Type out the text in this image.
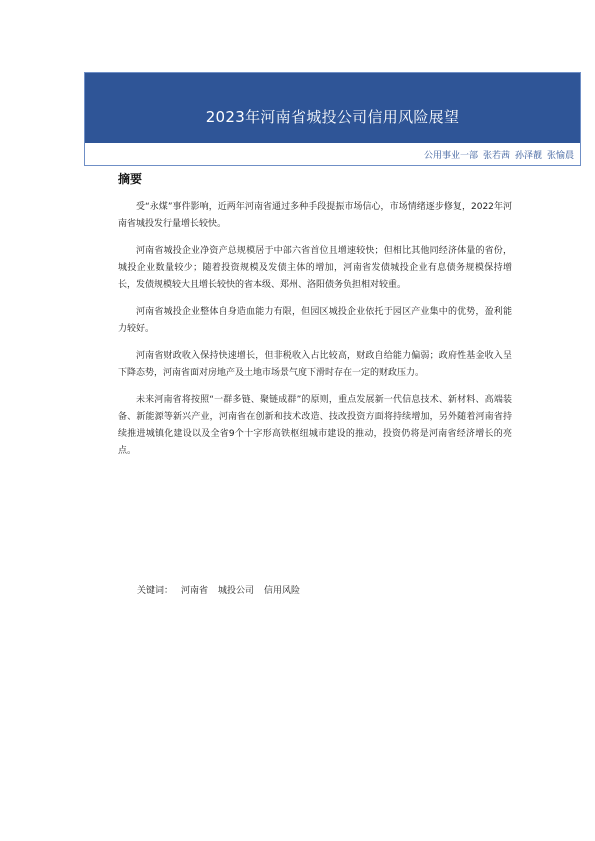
2023年河南省城投公司信用风险展望
公用事业一部 张若茜 孙泽靓 张愉晨
摘要

受“永煤”事件影响，近两年河南省通过多种手段提振市场信心，市场情绪逐步修复，2022年河南省城投发行量增长较快。

河南省城投企业净资产总规模居于中部六省首位且增速较快；但相比其他同经济体量的省份，城投企业数量较少；随着投资规模及发债主体的增加，河南省发债城投企业有息债务规模保持增长，发债规模较大且增长较快的省本级、郑州、洛阳债务负担相对较重。

河南省城投企业整体自身造血能力有限，但园区城投企业依托于园区产业集中的优势，盈利能力较好。

河南省财政收入保持快速增长，但非税收入占比较高，财政自给能力偏弱；政府性基金收入呈下降态势，河南省面对房地产及土地市场景气度下滑时存在一定的财政压力。

未来河南省将按照“一群多链、聚链成群”的原则，重点发展新一代信息技术、新材料、高端装备、新能源等新兴产业，河南省在创新和技术改造、技改投资方面将持续增加，另外随着河南省持续推进城镇化建设以及全省9个十字形高铁枢纽城市建设的推动，投资仍将是河南省经济增长的亮点。

关键词： 河南省 城投公司 信用风险
